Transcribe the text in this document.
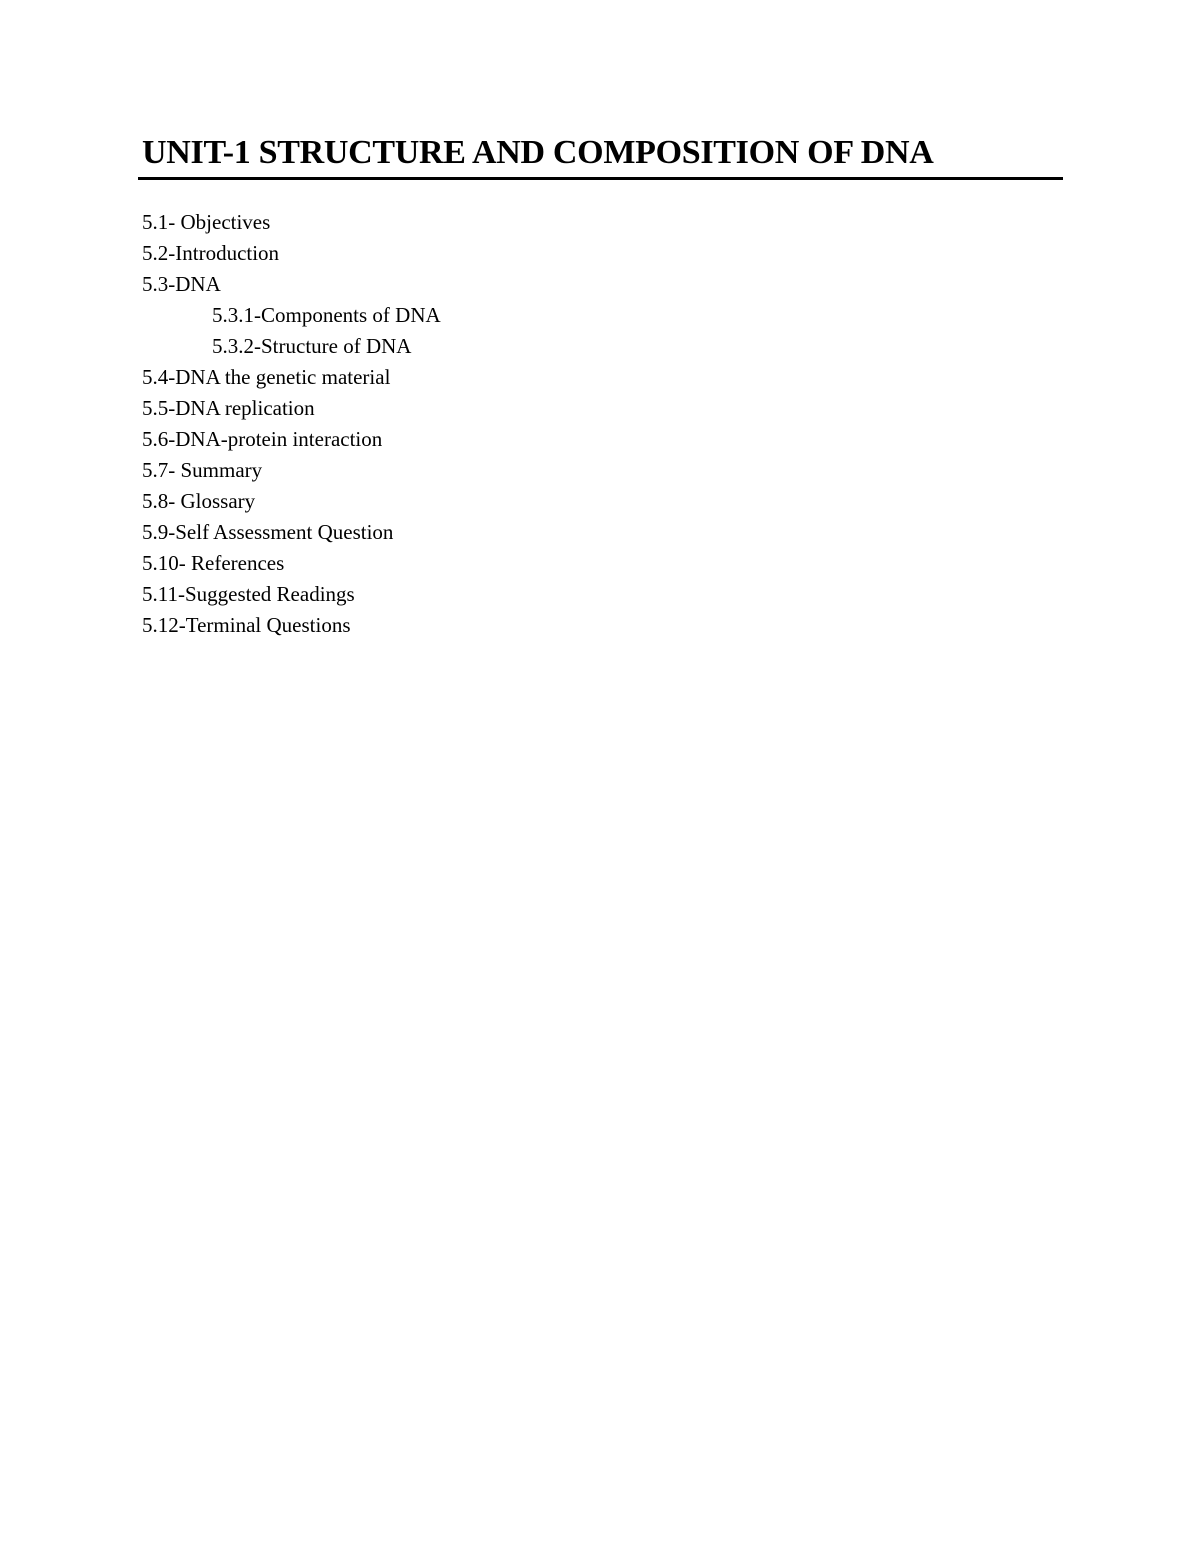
UNIT-1 STRUCTURE AND COMPOSITION OF DNA
5.1- Objectives
5.2-Introduction
5.3-DNA
5.3.1-Components of DNA
5.3.2-Structure of DNA
5.4-DNA the genetic material
5.5-DNA replication
5.6-DNA-protein interaction
5.7- Summary
5.8- Glossary
5.9-Self Assessment Question
5.10- References
5.11-Suggested Readings
5.12-Terminal Questions
